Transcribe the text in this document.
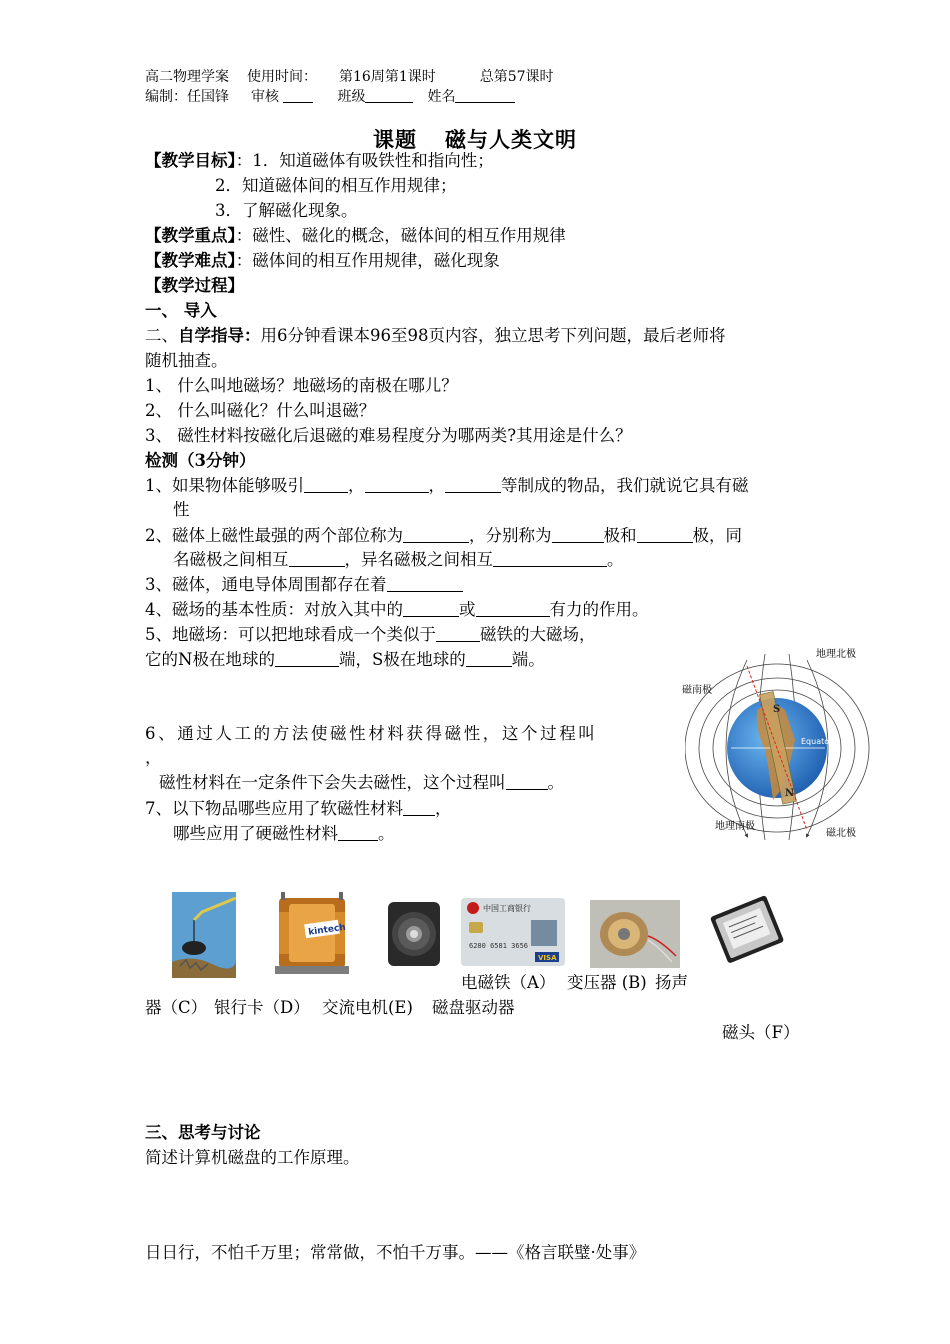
高二物理学案 使用时间： 第16周第1课时	总第57课时
编制：任国锋 审核	班级	姓名
课题 磁与人类文明
【教学目标】：1．知道磁体有吸铁性和指向性；
2．知道磁体间的相互作用规律；
3．了解磁化现象。
【教学重点】：磁性、磁化的概念，磁体间的相互作用规律
【教学难点】：磁体间的相互作用规律，磁化现象
【教学过程】
一、 导入
二、自学指导：用6分钟看课本96至98页内容，独立思考下列问题，最后老师将
随机抽查。
1、 什么叫地磁场？地磁场的南极在哪儿？
2、 什么叫磁化？什么叫退磁？
3、 磁性材料按磁化后退磁的难易程度分为哪两类?其用途是什么？
检测（3分钟）
1、如果物体能够吸引	，	，	等制成的物品，我们就说它具有磁
性
2、磁体上磁性最强的两个部位称为	，分别称为	极和	极，同
名磁极之间相互	，异名磁极之间相互	。
3、磁体，通电导体周围都存在着
4、磁场的基本性质：对放入其中的	或	有力的作用。
5、地磁场：可以把地球看成一个类似于	磁铁的大磁场，
它的N极在地球的	端，S极在地球的	端。
6、通过人工的方法使磁性材料获得磁性，这个过程叫
，
磁性材料在一定条件下会失去磁性，这个过程叫	。
7、以下物品哪些应用了软磁性材料 ，
哪些应用了硬磁性材料 。
S
N
Equator
地理北极
磁南极
地理南极
磁北极
kintech
中国工商银行
6280 6581 3656
VISA
电磁铁（A） 变压器 (B) 扬声
器（C） 银行卡（D） 交流电机(E) 磁盘驱动器
磁头（F）
三、思考与讨论
简述计算机磁盘的工作原理。
日日行，不怕千万里；常常做，不怕千万事。——《格言联璧·处事》
